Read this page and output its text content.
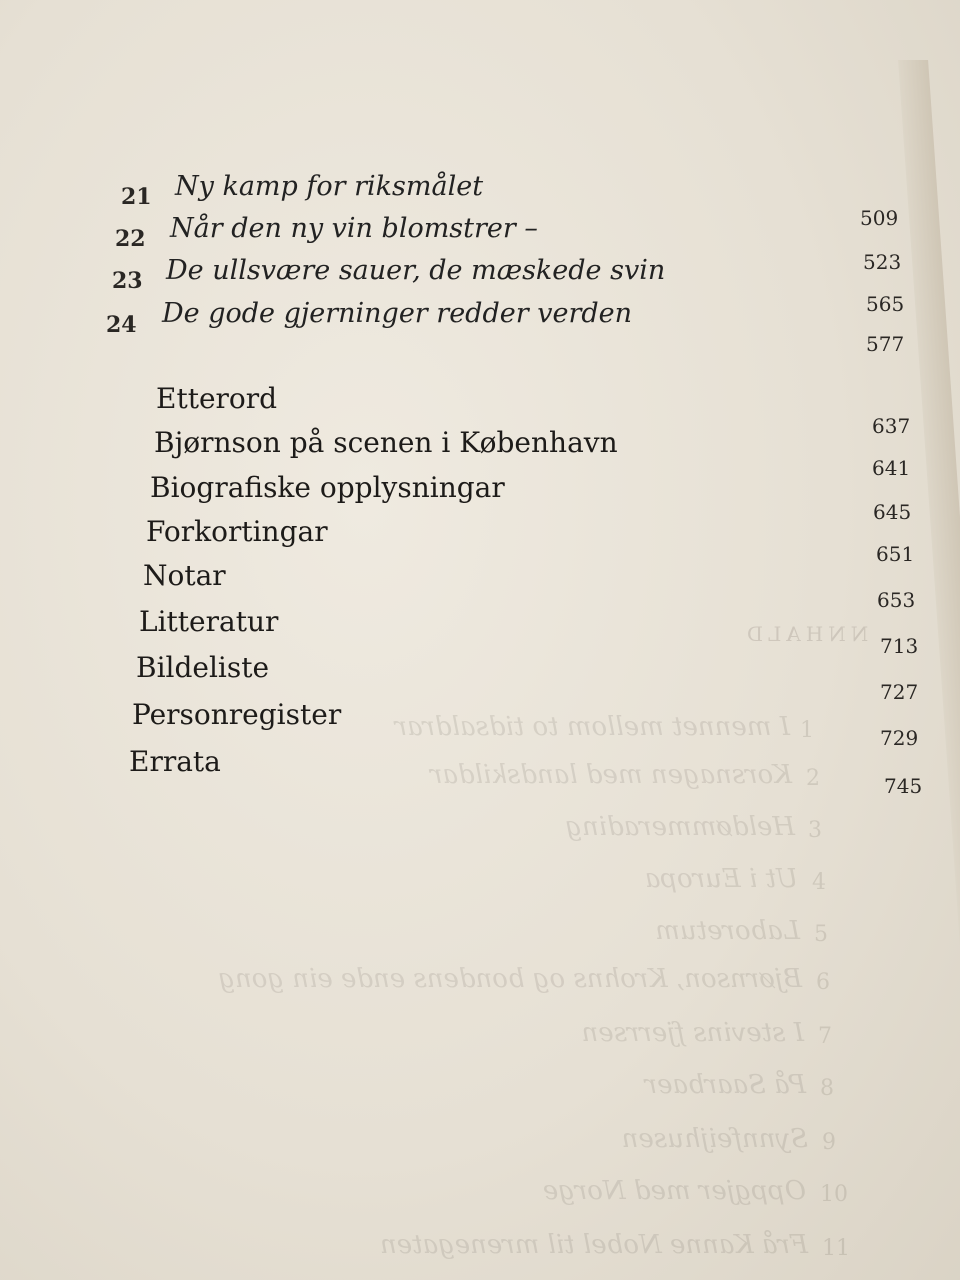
NNHALD
1
I mennet mellom to tidsaldrar
2
Korsnagen med landskildar
3
Heldømmerading
4
Ut i Europa
5
Laboretum
6
Bjørnson, Krohns og bondens ende ein gong
7
I stevins fjerrsen
8
På Saarbaer
9
Synnfeijhusen
10
Oppgjer med Norge
11
Frå Kanne Nobel til mrenegaten
21 Ny kamp for riksmålet
509
22 Når den ny vin blomstrer –
523
23 De ullsvære sauer, de mæskede svin
565
24 De gode gjerninger redder verden
577
Etterord
637
Bjørnson på scenen i København
641
Biografiske opplysningar
645
Forkortingar
651
Notar
653
Litteratur
713
Bildeliste
727
Personregister
729
Errata
745
